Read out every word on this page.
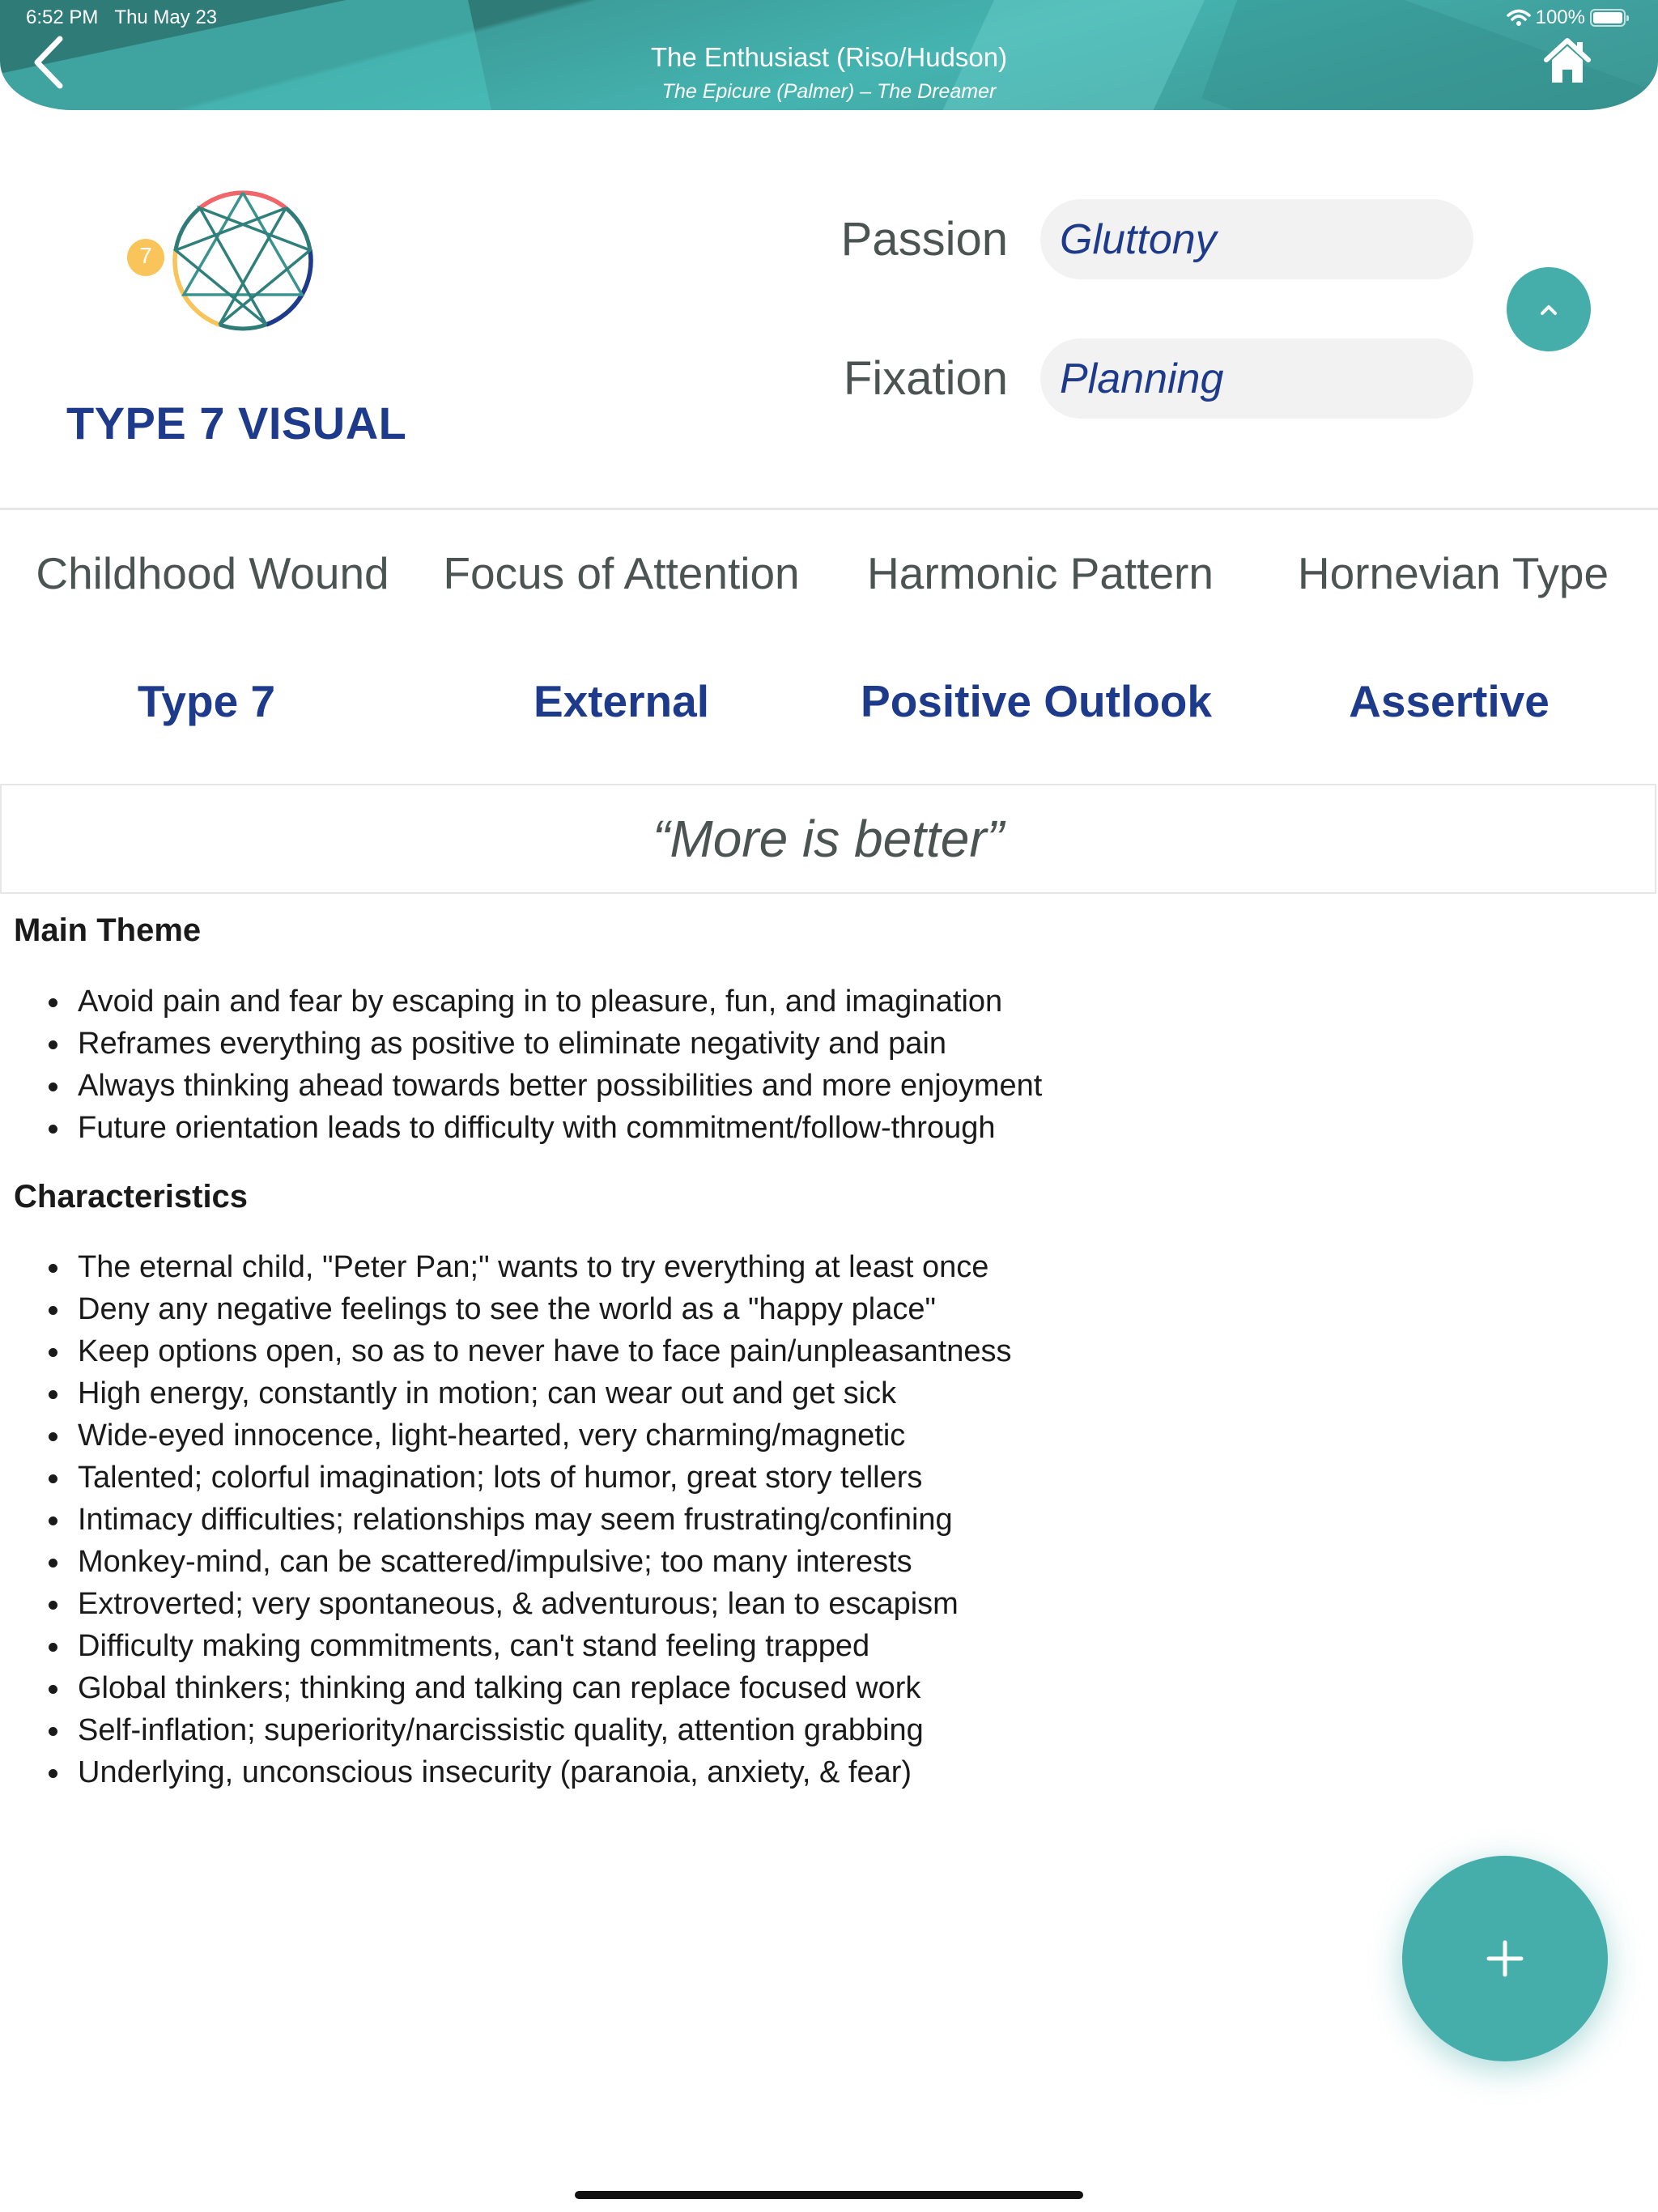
6:52 PM Thu May 23	100%
The Enthusiast (Riso/Hudson)
The Epicure (Palmer) – The Dreamer
7
TYPE 7 VISUAL
Passion Gluttony
Fixation Planning
Childhood Wound	Focus of Attention	Harmonic Pattern	Hornevian Type
Type 7	External	Positive Outlook	Assertive
“More is better”
Main Theme
Avoid pain and fear by escaping in to pleasure, fun, and imagination
Reframes everything as positive to eliminate negativity and pain
Always thinking ahead towards better possibilities and more enjoyment
Future orientation leads to difficulty with commitment/follow-through
Characteristics
The eternal child, "Peter Pan;" wants to try everything at least once
Deny any negative feelings to see the world as a "happy place"
Keep options open, so as to never have to face pain/unpleasantness
High energy, constantly in motion; can wear out and get sick
Wide-eyed innocence, light-hearted, very charming/magnetic
Talented; colorful imagination; lots of humor, great story tellers
Intimacy difficulties; relationships may seem frustrating/confining
Monkey-mind, can be scattered/impulsive; too many interests
Extroverted; very spontaneous, & adventurous; lean to escapism
Difficulty making commitments, can't stand feeling trapped
Global thinkers; thinking and talking can replace focused work
Self-inflation; superiority/narcissistic quality, attention grabbing
Underlying, unconscious insecurity (paranoia, anxiety, & fear)
